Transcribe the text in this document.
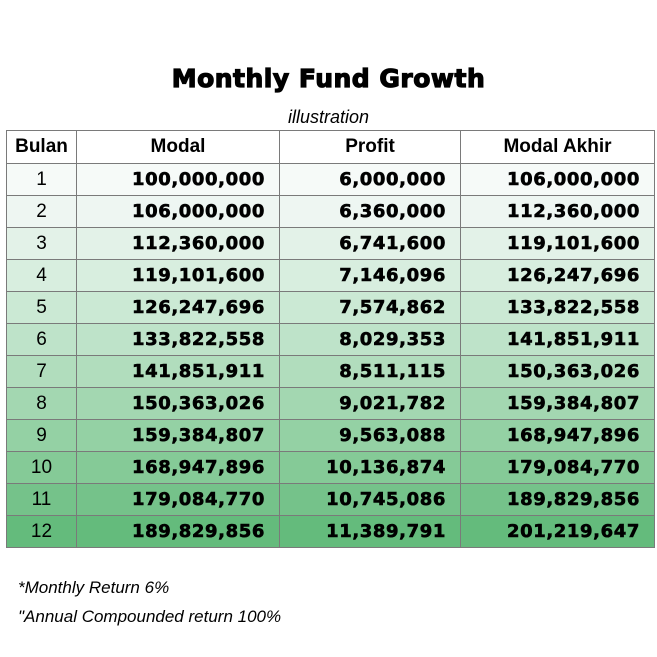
Monthly Fund Growth
illustration
Bulan	Modal	Profit	Modal Akhir
1	100,000,000	6,000,000	106,000,000
2	106,000,000	6,360,000	112,360,000
3	112,360,000	6,741,600	119,101,600
4	119,101,600	7,146,096	126,247,696
5	126,247,696	7,574,862	133,822,558
6	133,822,558	8,029,353	141,851,911
7	141,851,911	8,511,115	150,363,026
8	150,363,026	9,021,782	159,384,807
9	159,384,807	9,563,088	168,947,896
10	168,947,896	10,136,874	179,084,770
11	179,084,770	10,745,086	189,829,856
12	189,829,856	11,389,791	201,219,647
*Monthly Return 6%
"Annual Compounded return 100%
